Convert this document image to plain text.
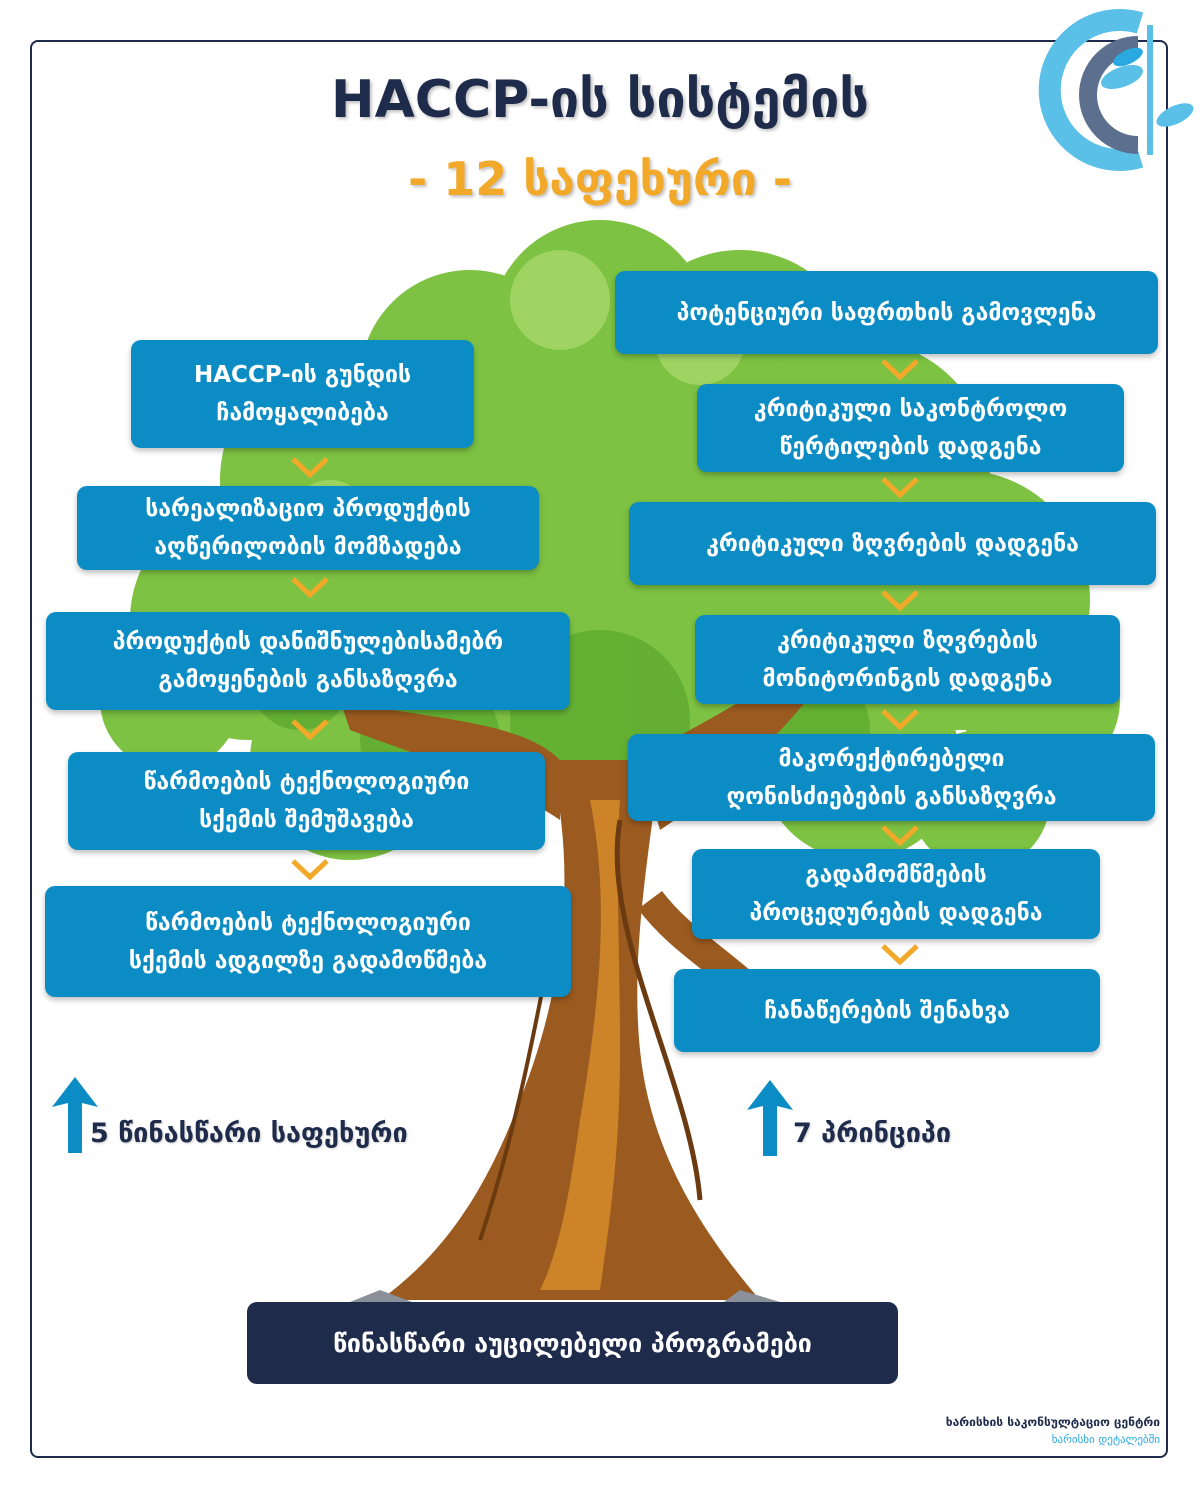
HACCP-ის სისტემის
- 12 საფეხური -
HACCP-ის გუნდის
ჩამოყალიბება
სარეალიზაციო პროდუქტის
აღწერილობის მომზადება
პროდუქტის დანიშნულებისამებრ
გამოყენების განსაზღვრა
წარმოების ტექნოლოგიური
სქემის შემუშავება
წარმოების ტექნოლოგიური
სქემის ადგილზე გადამოწმება
პოტენციური საფრთხის გამოვლენა
კრიტიკული საკონტროლო
წერტილების დადგენა
კრიტიკული ზღვრების დადგენა
კრიტიკული ზღვრების
მონიტორინგის დადგენა
მაკორექტირებელი
ღონისძიებების განსაზღვრა
გადამომწმების
პროცედურების დადგენა
ჩანაწერების შენახვა
5 წინასწარი საფეხური	7 პრინციპი
წინასწარი აუცილებელი პროგრამები
ხარისხის საკონსულტაციო ცენტრი
ხარისხი დეტალებში
